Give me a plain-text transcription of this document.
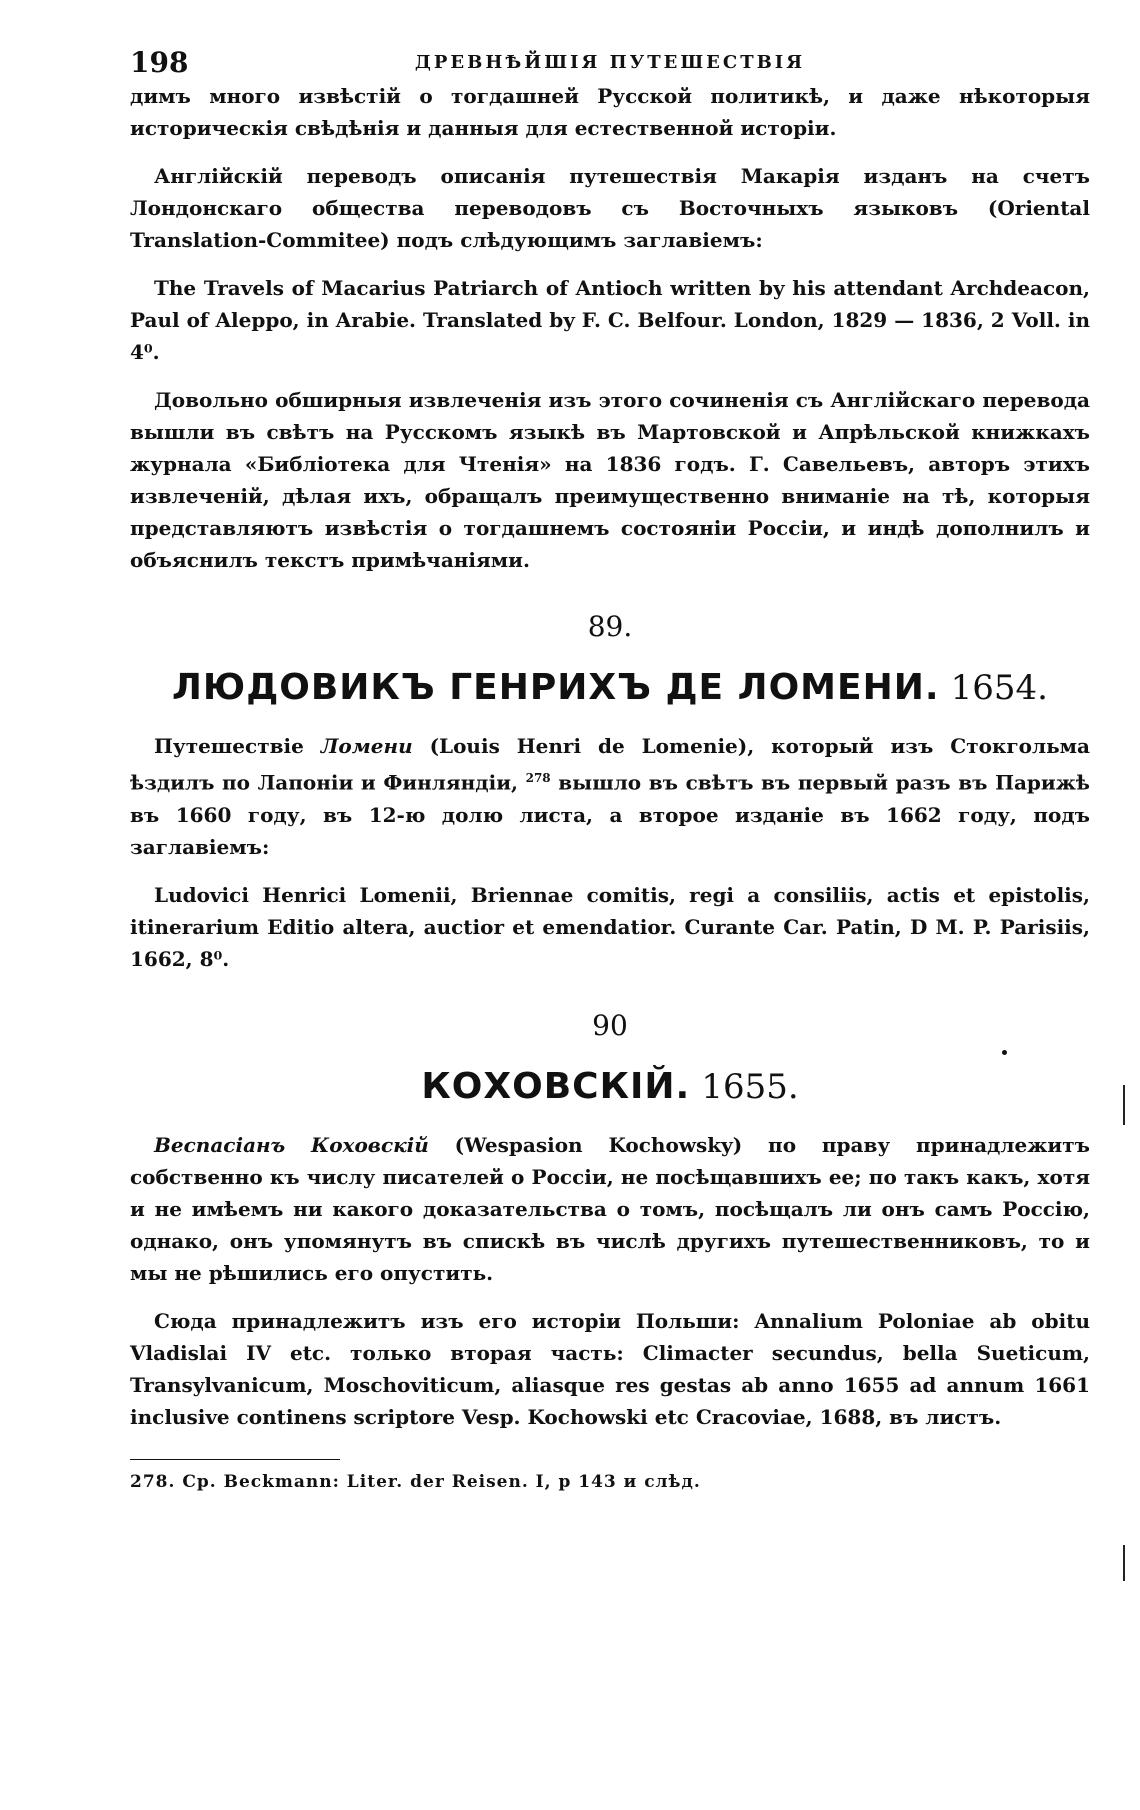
198	ДРЕВНѢЙШІЯ ПУТЕШЕСТВІЯ

димъ много извѣстій о тогдашней Русской политикѣ, и даже нѣкоторыя историческія свѣдѣнія и данныя для естественной исторіи.

Англійскій переводъ описанія путешествія Макарія изданъ на счетъ Лондонскаго общества переводовъ съ Восточныхъ языковъ (Oriental Translation-Commitee) подъ слѣдующимъ заглавіемъ:

The Travels of Macarius Patriarch of Antioch written by his attendant Archdeacon, Paul of Aleppo, in Arabie. Translated by F. C. Belfour. London, 1829 — 1836, 2 Voll. in 4⁰.

Довольно обширныя извлеченія изъ этого сочиненія съ Англійскаго перевода вышли въ свѣтъ на Русскомъ языкѣ въ Мартовской и Апрѣльской книжкахъ журнала «Библіотека для Чтенія» на 1836 годъ. Г. Савельевъ, авторъ этихъ извлеченій, дѣлая ихъ, обращалъ преимущественно вниманіе на тѣ, которыя представляютъ извѣстія о тогдашнемъ состояніи Россіи, и индѣ дополнилъ и объяснилъ текстъ примѣчаніями.

89.
ЛЮДОВИКЪ ГЕНРИХЪ ДЕ ЛОМЕНИ. 1654.

Путешествіе Ломени (Louis Henri de Lomenie), который изъ Стокгольма ѣздилъ по Лапоніи и Финляндіи, $^{278}$ вышло въ свѣтъ въ первый разъ въ Парижѣ въ 1660 году, въ 12-ю долю листа, а второе изданіе въ 1662 году, подъ заглавіемъ:

Ludovici Henrici Lomenii, Briennae comitis, regi a consiliis, actis et epistolis, itinerarium Editio altera, auctior et emendatior. Curante Car. Patin, D M. P. Parisiis, 1662, 8⁰.

90
КОХОВСКІЙ. 1655.

Веспасіанъ Коховскій (Wespasion Kochowsky) по праву принадлежитъ собственно къ числу писателей о Россіи, не посѣщавшихъ ее; по такъ какъ, хотя и не имѣемъ ни какого доказательства о томъ, посѣщалъ ли онъ самъ Россію, однако, онъ упомянутъ въ спискѣ въ числѣ другихъ путешественниковъ, то и мы не рѣшились его опустить.

Сюда принадлежитъ изъ его исторіи Польши: Annalium Poloniae ab obitu Vladislai IV etc. только вторая часть: Climacter secundus, bella Sueticum, Transylvanicum, Moschoviticum, aliasque res gestas ab anno 1655 ad annum 1661 inclusive continens scriptore Vesp. Kochowski etc Cracoviae, 1688, въ листъ.

278. Ср. Beckmann: Liter. der Reisen. I, p 143 и слѣд.
